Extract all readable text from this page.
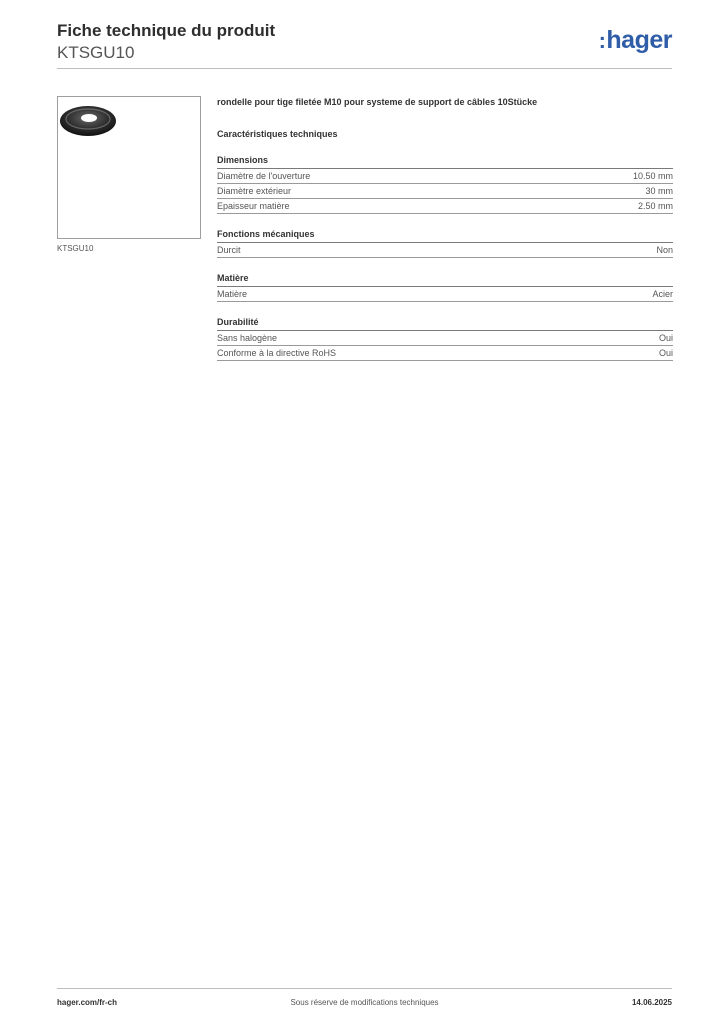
Fiche technique du produit
KTSGU10	:hager
KTSGU10
rondelle pour tige filetée M10 pour systeme de support de câbles 10Stücke
Caractéristiques techniques
Dimensions
Diamètre de l'ouverture	10.50 mm
Diamètre extérieur	30 mm
Epaisseur matière	2.50 mm
Fonctions mécaniques
Durcit	Non
Matière
Matière	Acier
Durabilité
Sans halogène	Oui
Conforme à la directive RoHS	Oui
hager.com/fr-ch	Sous réserve de modifications techniques	14.06.2025
